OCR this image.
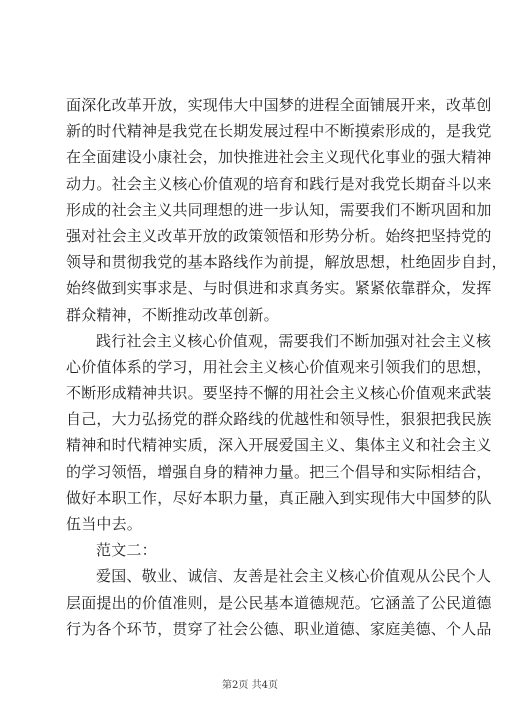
面深化改革开放，实现伟大中国梦的进程全面铺展开来，改革创
新的时代精神是我党在长期发展过程中不断摸索形成的，是我党
在全面建设小康社会，加快推进社会主义现代化事业的强大精神
动力。社会主义核心价值观的培育和践行是对我党长期奋斗以来
形成的社会主义共同理想的进一步认知，需要我们不断巩固和加
强对社会主义改革开放的政策领悟和形势分析。始终把坚持党的
领导和贯彻我党的基本路线作为前提，解放思想，杜绝固步自封，
始终做到实事求是、与时俱进和求真务实。紧紧依靠群众，发挥
群众精神，不断推动改革创新。
践行社会主义核心价值观，需要我们不断加强对社会主义核
心价值体系的学习，用社会主义核心价值观来引领我们的思想，
不断形成精神共识。要坚持不懈的用社会主义核心价值观来武装
自己，大力弘扬党的群众路线的优越性和领导性，狠狠把我民族
精神和时代精神实质，深入开展爱国主义、集体主义和社会主义
的学习领悟，增强自身的精神力量。把三个倡导和实际相结合，
做好本职工作，尽好本职力量，真正融入到实现伟大中国梦的队
伍当中去。
范文二：
爱国、敬业、诚信、友善是社会主义核心价值观从公民个人
层面提出的价值准则，是公民基本道德规范。它涵盖了公民道德
行为各个环节，贯穿了社会公德、职业道德、家庭美德、个人品
第2页 共4页
